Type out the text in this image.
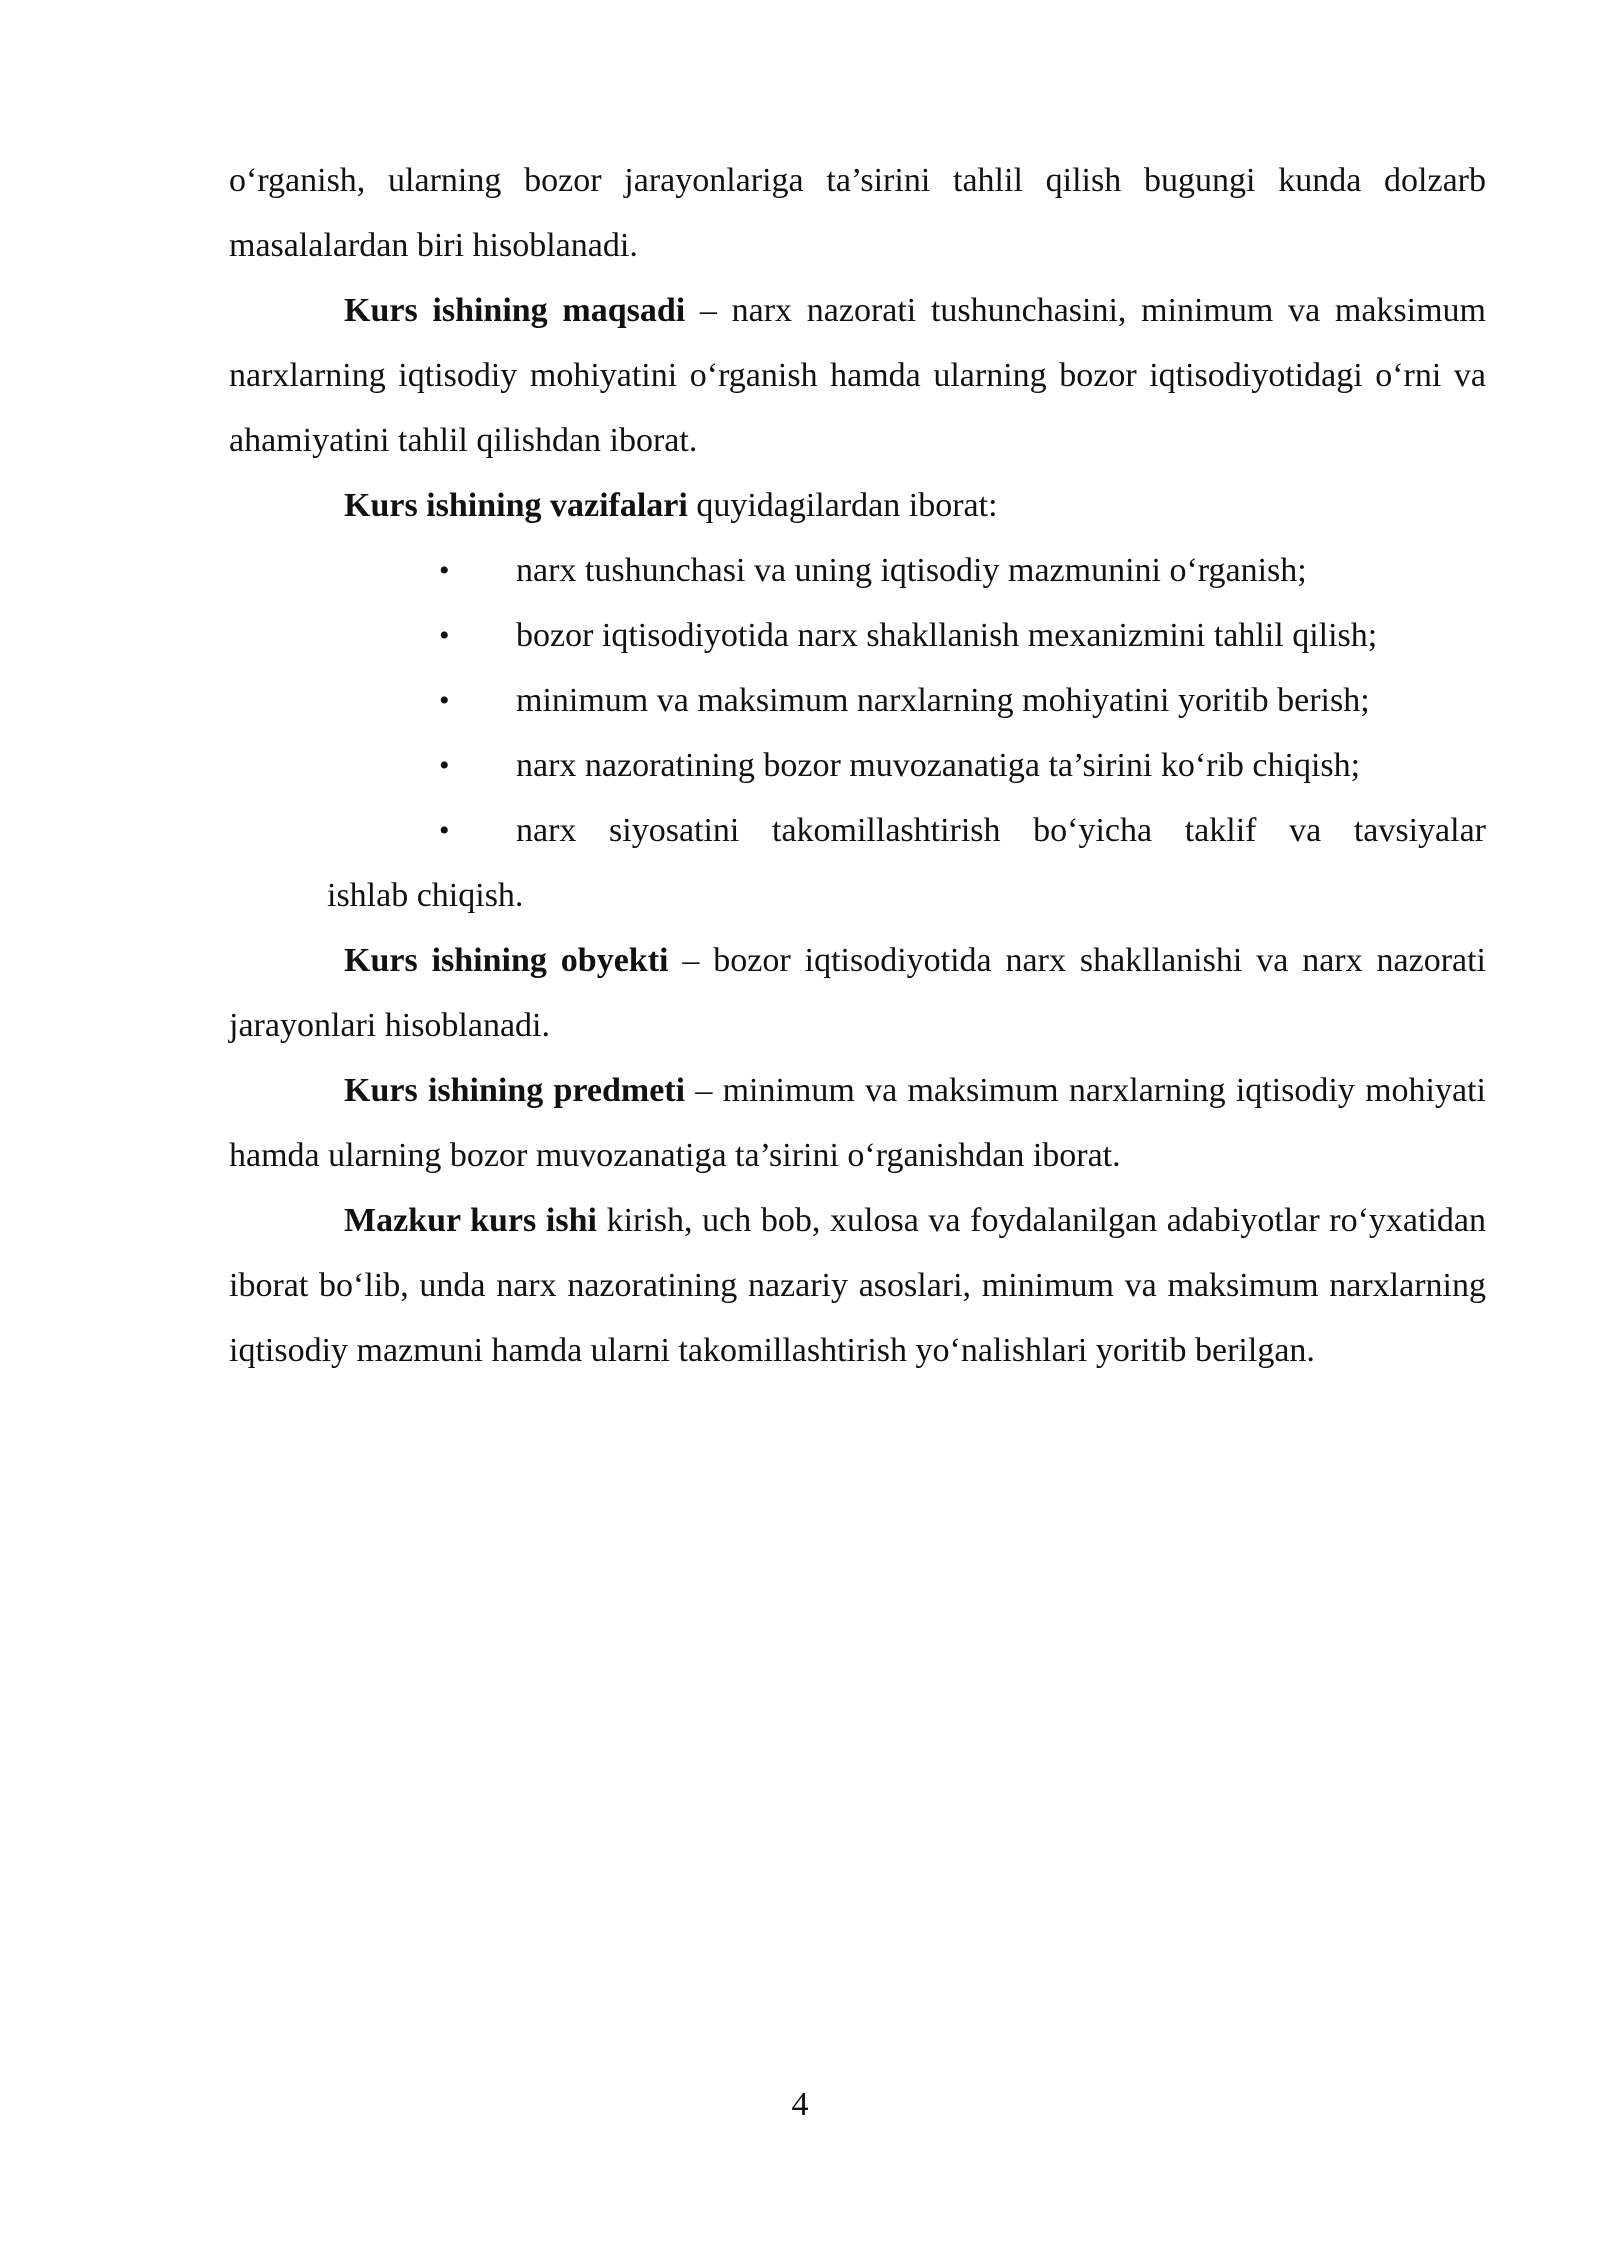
o‘rganish, ularning bozor jarayonlariga ta’sirini tahlil qilish bugungi kunda dolzarb masalalardan biri hisoblanadi.

Kurs ishining maqsadi – narx nazorati tushunchasini, minimum va maksimum narxlarning iqtisodiy mohiyatini o‘rganish hamda ularning bozor iqtisodiyotidagi o‘rni va ahamiyatini tahlil qilishdan iborat.

Kurs ishining vazifalari quyidagilardan iborat:

• narx tushunchasi va uning iqtisodiy mazmunini o‘rganish;
• bozor iqtisodiyotida narx shakllanish mexanizmini tahlil qilish;
• minimum va maksimum narxlarning mohiyatini yoritib berish;
• narx nazoratining bozor muvozanatiga ta’sirini ko‘rib chiqish;
• narx siyosatini takomillashtirish bo‘yicha taklif va tavsiyalar
ishlab chiqish.

Kurs ishining obyekti – bozor iqtisodiyotida narx shakllanishi va narx nazorati jarayonlari hisoblanadi.

Kurs ishining predmeti – minimum va maksimum narxlarning iqtisodiy mohiyati hamda ularning bozor muvozanatiga ta’sirini o‘rganishdan iborat.

Mazkur kurs ishi kirish, uch bob, xulosa va foydalanilgan adabiyotlar ro‘yxatidan iborat bo‘lib, unda narx nazoratining nazariy asoslari, minimum va maksimum narxlarning iqtisodiy mazmuni hamda ularni takomillashtirish yo‘nalishlari yoritib berilgan.

4
